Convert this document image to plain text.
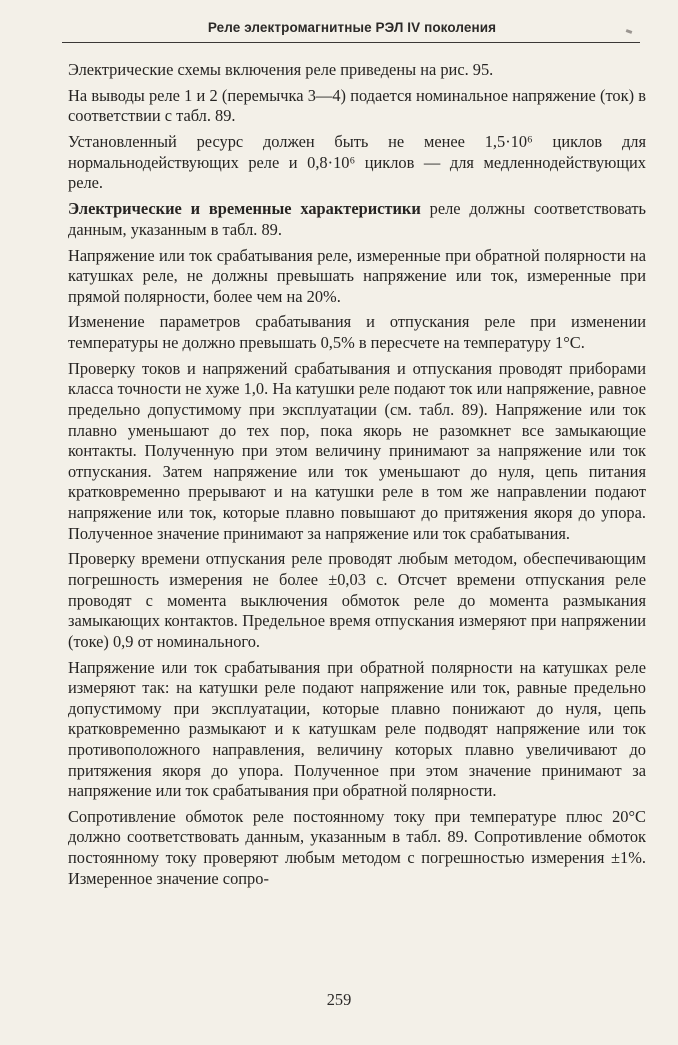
Реле электромагнитные РЭЛ IV поколения

Электрические схемы включения реле приведены на рис. 95.

На выводы реле 1 и 2 (перемычка 3—4) подается номинальное напряжение (ток) в соответствии с табл. 89.

Установленный ресурс должен быть не менее 1,5·10⁶ циклов для нормальнодействующих реле и 0,8·10⁶ циклов — для медленнодействующих реле.

Электрические и временные характеристики реле должны соответствовать данным, указанным в табл. 89.

Напряжение или ток срабатывания реле, измеренные при обратной полярности на катушках реле, не должны превышать напряжение или ток, измеренные при прямой полярности, более чем на 20%.

Изменение параметров срабатывания и отпускания реле при изменении температуры не должно превышать 0,5% в пересчете на температуру 1°С.

Проверку токов и напряжений срабатывания и отпускания проводят приборами класса точности не хуже 1,0. На катушки реле подают ток или напряжение, равное предельно допустимому при эксплуатации (см. табл. 89). Напряжение или ток плавно уменьшают до тех пор, пока якорь не разомкнет все замыкающие контакты. Полученную при этом величину принимают за напряжение или ток отпускания. Затем напряжение или ток уменьшают до нуля, цепь питания кратковременно прерывают и на катушки реле в том же направлении подают напряжение или ток, которые плавно повышают до притяжения якоря до упора. Полученное значение принимают за напряжение или ток срабатывания.

Проверку времени отпускания реле проводят любым методом, обеспечивающим погрешность измерения не более ±0,03 с. Отсчет времени отпускания реле проводят с момента выключения обмоток реле до момента размыкания замыкающих контактов. Предельное время отпускания измеряют при напряжении (токе) 0,9 от номинального.

Напряжение или ток срабатывания при обратной полярности на катушках реле измеряют так: на катушки реле подают напряжение или ток, равные предельно допустимому при эксплуатации, которые плавно понижают до нуля, цепь кратковременно размыкают и к катушкам реле подводят напряжение или ток противоположного направления, величину которых плавно увеличивают до притяжения якоря до упора. Полученное при этом значение принимают за напряжение или ток срабатывания при обратной полярности.

Сопротивление обмоток реле постоянному току при температуре плюс 20°С должно соответствовать данным, указанным в табл. 89. Сопротивление обмоток постоянному току проверяют любым методом с погрешностью измерения ±1%. Измеренное значение сопро-

259
